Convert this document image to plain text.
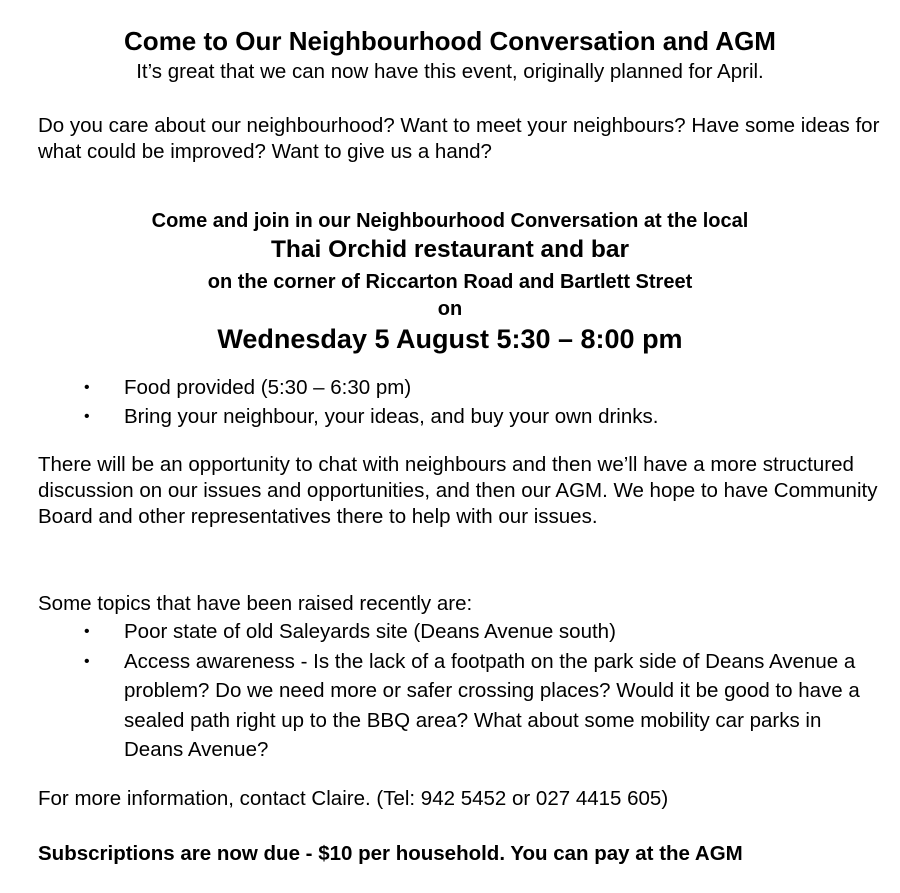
Come to Our Neighbourhood Conversation and AGM
It’s great that we can now have this event, originally planned for April.
Do you care about our neighbourhood? Want to meet your neighbours? Have some ideas for what could be improved? Want to give us a hand?
Come and join in our Neighbourhood Conversation at the local
Thai Orchid restaurant and bar
on the corner of Riccarton Road and Bartlett Street
on
Wednesday 5 August 5:30 – 8:00 pm
• Food provided (5:30 – 6:30 pm)
• Bring your neighbour, your ideas, and buy your own drinks.
There will be an opportunity to chat with neighbours and then we’ll have a more structured discussion on our issues and opportunities, and then our AGM. We hope to have Community Board and other representatives there to help with our issues.
Some topics that have been raised recently are:
• Poor state of old Saleyards site (Deans Avenue south)
• Access awareness - Is the lack of a footpath on the park side of Deans Avenue a problem? Do we need more or safer crossing places? Would it be good to have a sealed path right up to the BBQ area? What about some mobility car parks in Deans Avenue?
For more information, contact Claire. (Tel: 942 5452 or 027 4415 605)
Subscriptions are now due - $10 per household. You can pay at the AGM
